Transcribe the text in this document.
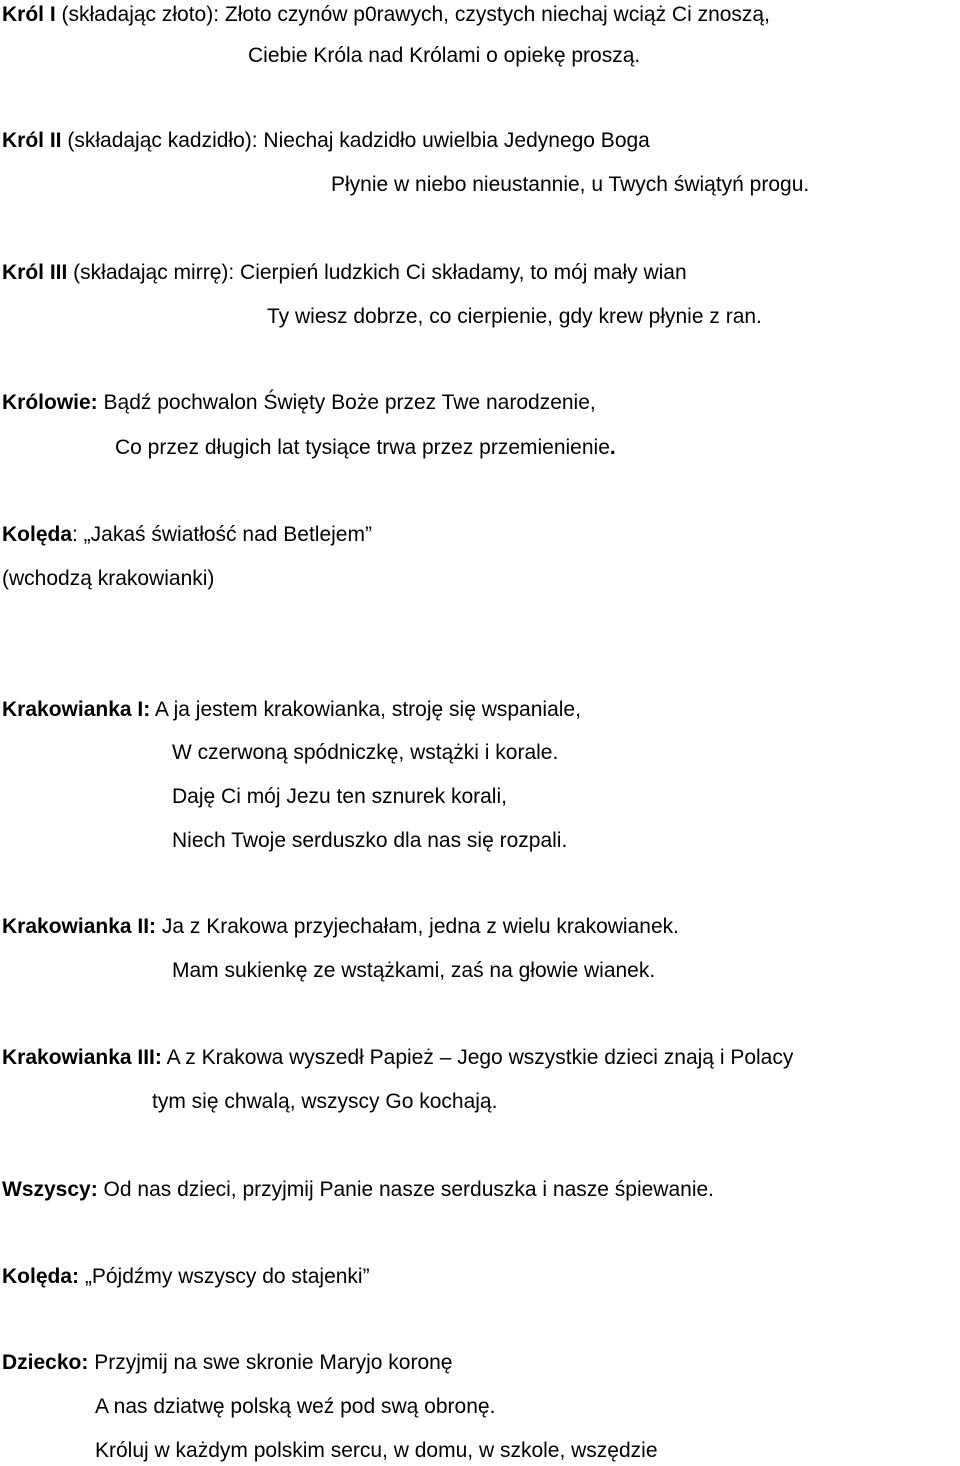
Król I (składając złoto): Złoto czynów p0rawych, czystych niechaj wciąż Ci znoszą,
Ciebie Króla nad Królami o opiekę proszą.
Król II (składając kadzidło): Niechaj kadzidło uwielbia Jedynego Boga
Płynie w niebo nieustannie, u Twych świątyń progu.
Król III (składając mirrę): Cierpień ludzkich Ci składamy, to mój mały wian
Ty wiesz dobrze, co cierpienie, gdy krew płynie z ran.
Królowie: Bądź pochwalon Święty Boże przez Twe narodzenie,
Co przez długich lat tysiące trwa przez przemienienie.
Kolęda: „Jakaś światłość nad Betlejem”
(wchodzą krakowianki)
Krakowianka I: A ja jestem krakowianka, stroję się wspaniale,
W czerwoną spódniczkę, wstążki i korale.
Daję Ci mój Jezu ten sznurek korali,
Niech Twoje serduszko dla nas się rozpali.
Krakowianka II: Ja z Krakowa przyjechałam, jedna z wielu krakowianek.
Mam sukienkę ze wstążkami, zaś na głowie wianek.
Krakowianka III: A z Krakowa wyszedł Papież – Jego wszystkie dzieci znają i Polacy
tym się chwalą, wszyscy Go kochają.
Wszyscy: Od nas dzieci, przyjmij Panie nasze serduszka i nasze śpiewanie.
Kolęda: „Pójdźmy wszyscy do stajenki”
Dziecko: Przyjmij na swe skronie Maryjo koronę
A nas dziatwę polską weź pod swą obronę.
Króluj w każdym polskim sercu, w domu, w szkole, wszędzie
